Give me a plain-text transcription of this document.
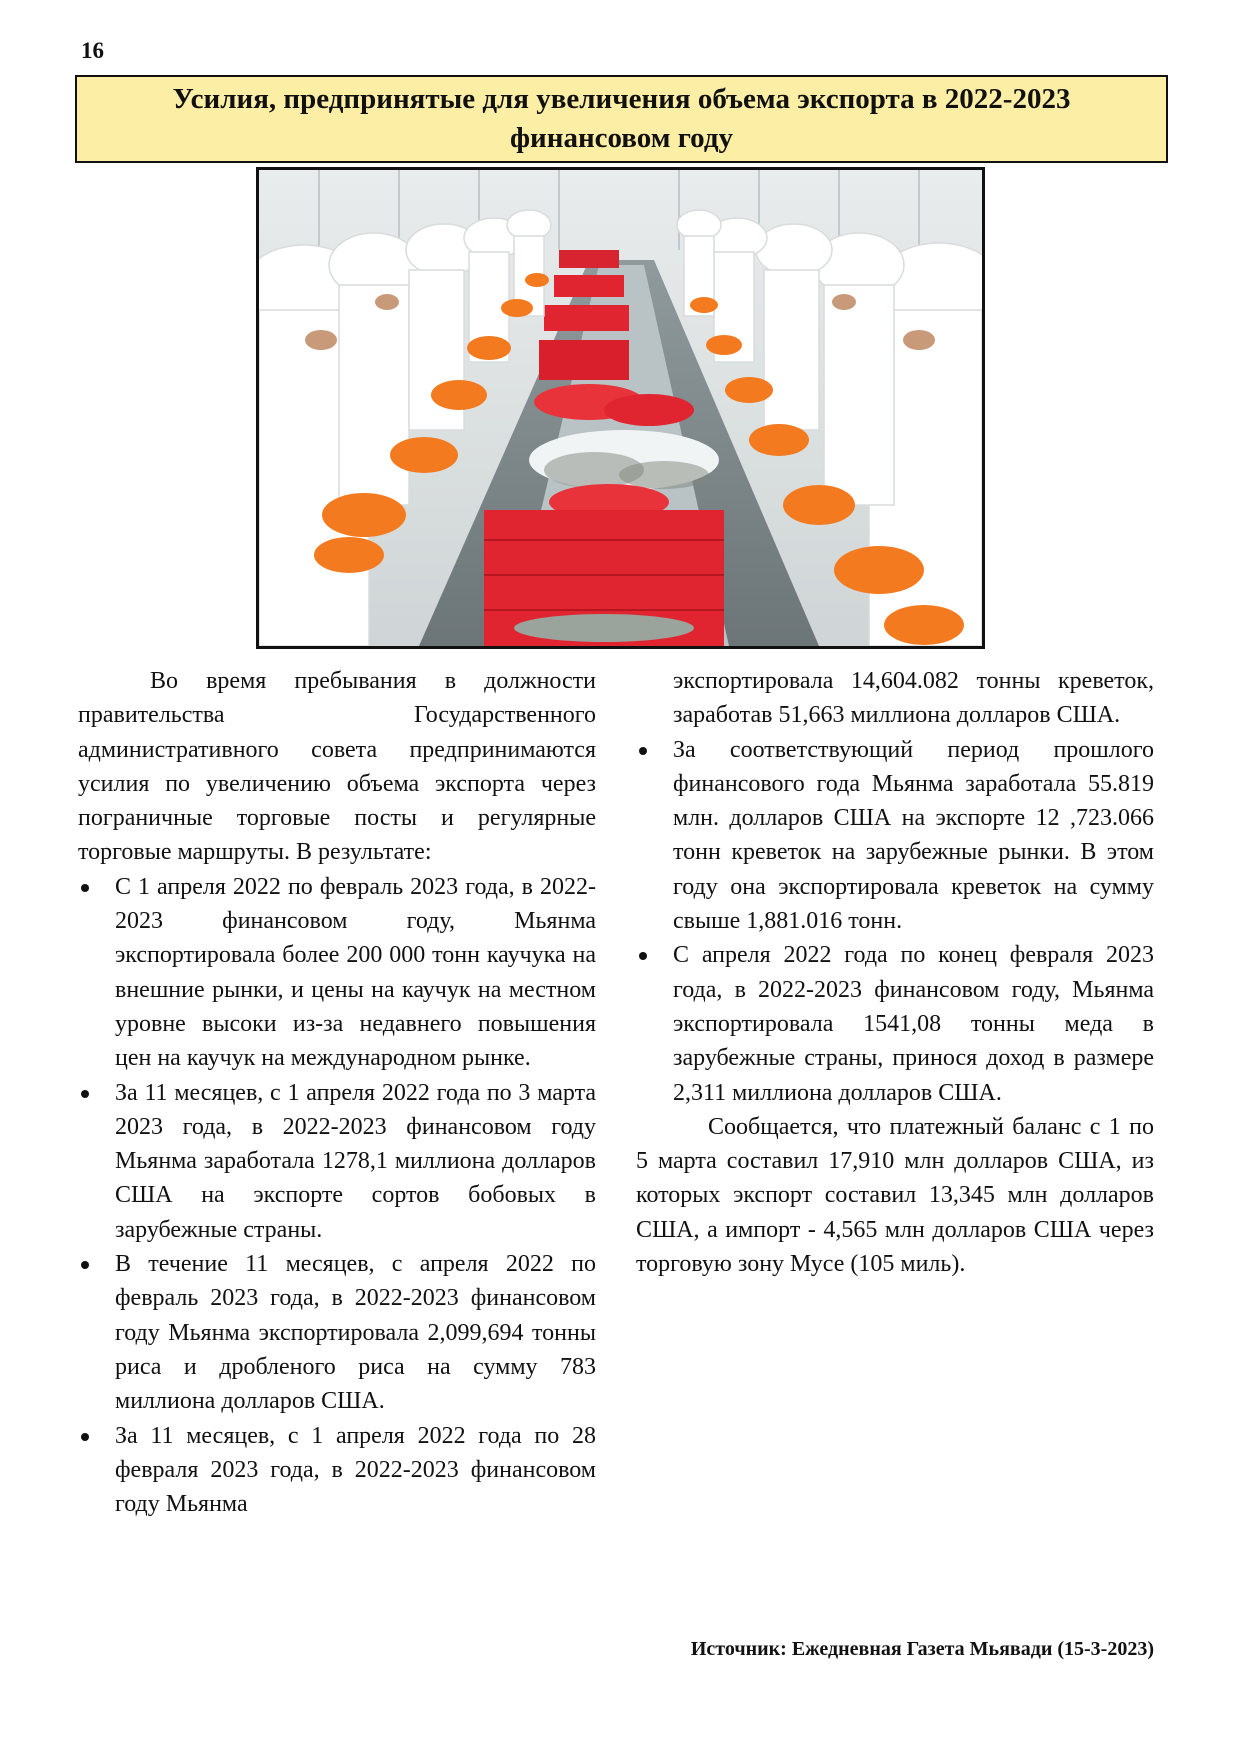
16
Усилия, предпринятые для увеличения объема экспорта в 2022-2023 финансовом году

Во время пребывания в должности правительства Государственного административного совета предпринимаются усилия по увеличению объема экспорта через пограничные торговые посты и регулярные торговые маршруты. В результате:

С 1 апреля 2022 по февраль 2023 года, в 2022-2023 финансовом году, Мьянма экспортировала более 200 000 тонн каучука на внешние рынки, и цены на каучук на местном уровне высоки из-за недавнего повышения цен на каучук на международном рынке.
За 11 месяцев, с 1 апреля 2022 года по 3 марта 2023 года, в 2022-2023 финансовом году Мьянма заработала 1278,1 миллиона долларов США на экспорте сортов бобовых в зарубежные страны.
В течение 11 месяцев, с апреля 2022 по февраль 2023 года, в 2022-2023 финансовом году Мьянма экспортировала 2,099,694 тонны риса и дробленого риса на сумму 783 миллиона долларов США.
За 11 месяцев, с 1 апреля 2022 года по 28 февраля 2023 года, в 2022-2023 финансовом году Мьянма

экспортировала 14,604.082 тонны креветок, заработав 51,663 миллиона долларов США.

За соответствующий период прошлого финансового года Мьянма заработала 55.819 млн. долларов США на экспорте 12 ,723.066 тонн креветок на зарубежные рынки. В этом году она экспортировала креветок на сумму свыше 1,881.016 тонн.
С апреля 2022 года по конец февраля 2023 года, в 2022-2023 финансовом году, Мьянма экспортировала 1541,08 тонны меда в зарубежные страны, принося доход в размере 2,311 миллиона долларов США.

Сообщается, что платежный баланс с 1 по 5 марта составил 17,910 млн долларов США, из которых экспорт составил 13,345 млн долларов США, а импорт - 4,565 млн долларов США через торговую зону Мусе (105 миль).

Источник: Ежедневная Газета Мьявади (15-3-2023)
